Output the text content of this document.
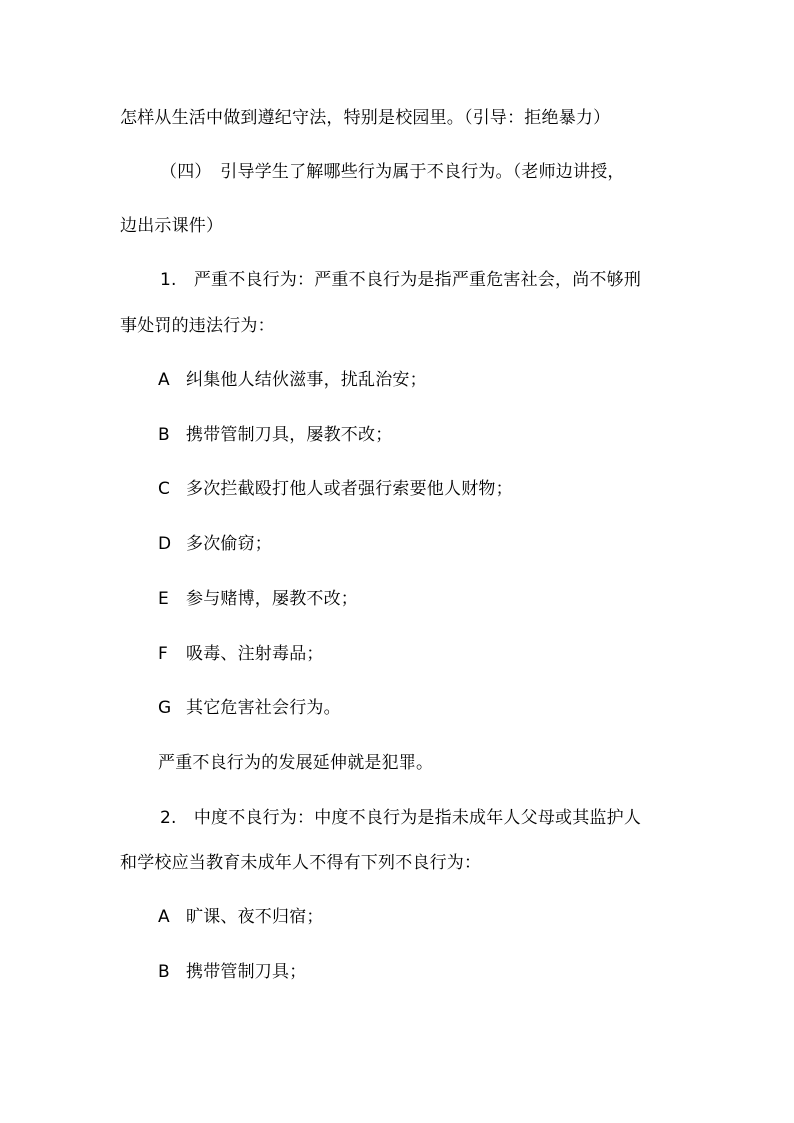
怎样从生活中做到遵纪守法，特别是校园里。（引导：拒绝暴力）
（四）　引导学生了解哪些行为属于不良行为。（老师边讲授，
边出示课件）
1.　严重不良行为：严重不良行为是指严重危害社会，尚不够刑
事处罚的违法行为：
A 纠集他人结伙滋事，扰乱治安；
B 携带管制刀具，屡教不改；
C 多次拦截殴打他人或者强行索要他人财物；
D 多次偷窃；
E 参与赌博，屡教不改；
F 吸毒、注射毒品；
G 其它危害社会行为。
严重不良行为的发展延伸就是犯罪。
2.　中度不良行为：中度不良行为是指未成年人父母或其监护人
和学校应当教育未成年人不得有下列不良行为：
A 旷课、夜不归宿；
B 携带管制刀具；
